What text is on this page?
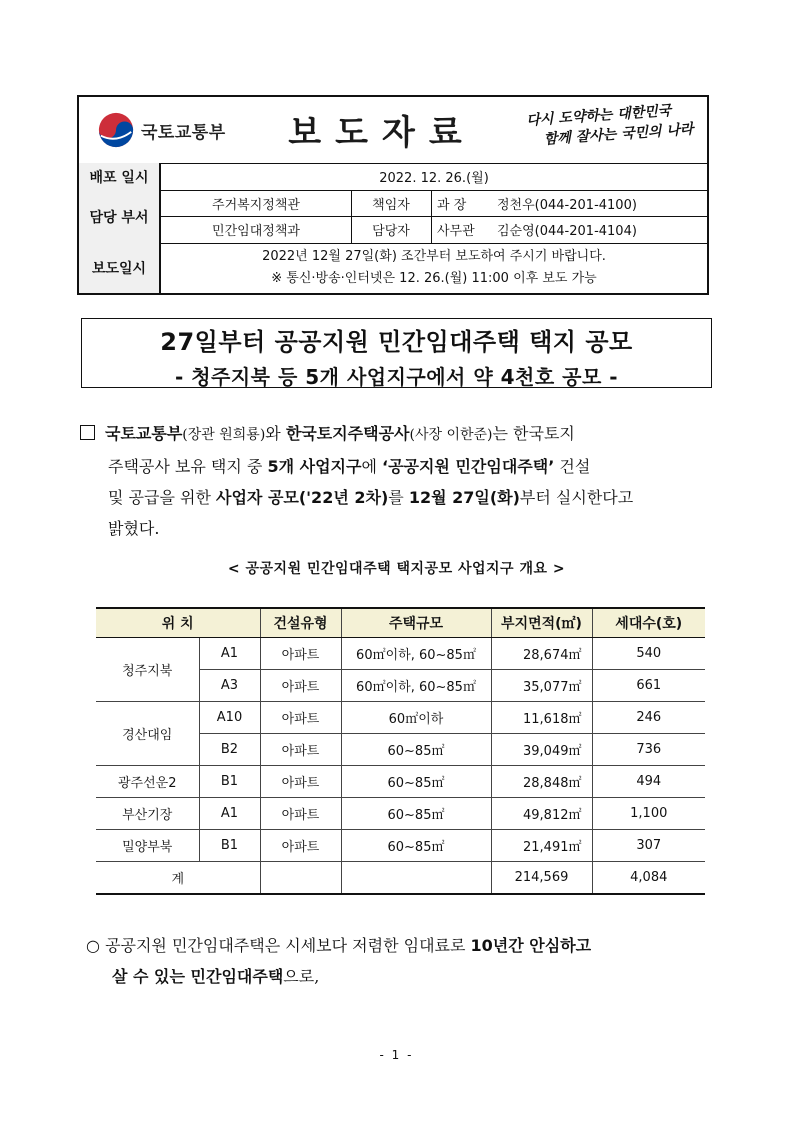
국토교통부 보도자료	다시 도약하는 대한민국
함께 잘사는 국민의 나라
배포 일시	2022. 12. 26.(월)
담당 부서
주거복지정책관	책임자	과 장	정천우(044-201-4100)
민간임대정책과	담당자	사무관	김순영(044-201-4104)
보도일시
2022년 12월 27일(화) 조간부터 보도하여 주시기 바랍니다.
※ 통신·방송·인터넷은 12. 26.(월) 11:00 이후 보도 가능
27일부터 공공지원 민간임대주택 택지 공모
- 청주지북 등 5개 사업지구에서 약 4천호 공모 -
국토교통부(장관 원희룡)와 한국토지주택공사(사장 이한준)는 한국토지
주택공사 보유 택지 중 5개 사업지구에 ‘공공지원 민간임대주택’ 건설
및 공급을 위한 사업자 공모('22년 2차)를 12월 27일(화)부터 실시한다고
밝혔다.
< 공공지원 민간임대주택 택지공모 사업지구 개요 >
위 치		건설유형	주택규모	부지면적(㎡)	세대수(호)
청주지북	A1	아파트	60㎡이하, 60~85㎡	28,674㎡	540
	A3	아파트	60㎡이하, 60~85㎡	35,077㎡	661
경산대임	A10	아파트	60㎡이하	11,618㎡	246
	B2	아파트	60~85㎡	39,049㎡	736
광주선운2	B1	아파트	60~85㎡	28,848㎡	494
부산기장	A1	아파트	60~85㎡	49,812㎡	1,100
밀양부북	B1	아파트	60~85㎡	21,491㎡	307
계				214,569	4,084
○ 공공지원 민간임대주택은 시세보다 저렴한 임대료로 10년간 안심하고
살 수 있는 민간임대주택으로,
- 1 -
